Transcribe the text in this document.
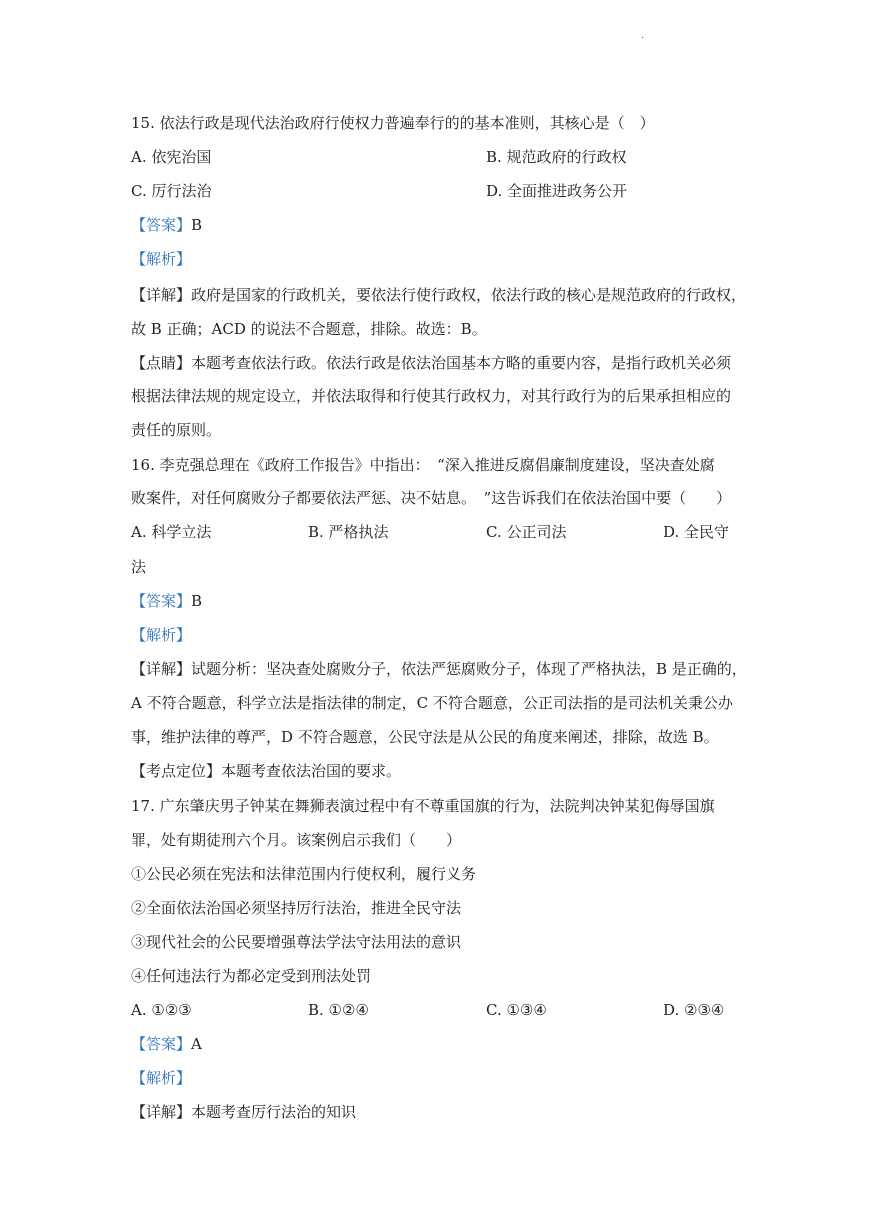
.
15. 依法行政是现代法治政府行使权力普遍奉行的的基本准则，其核心是（　）
A. 依宪治国	B. 规范政府的行政权
C. 厉行法治	D. 全面推进政务公开
【答案】B
【解析】
【详解】政府是国家的行政机关，要依法行使行政权，依法行政的核心是规范政府的行政权，
故 B 正确；ACD 的说法不合题意，排除。故选：B。
【点睛】本题考查依法行政。依法行政是依法治国基本方略的重要内容，是指行政机关必须
根据法律法规的规定设立，并依法取得和行使其行政权力，对其行政行为的后果承担相应的
责任的原则。
16. 李克强总理在《政府工作报告》中指出：　“深入推进反腐倡廉制度建设，坚决查处腐
败案件，对任何腐败分子都要依法严惩、决不姑息。　”这告诉我们在依法治国中要（　　）
A. 科学立法	B. 严格执法	C. 公正司法	D. 全民守
法
【答案】B
【解析】
【详解】试题分析：坚决查处腐败分子，依法严惩腐败分子，体现了严格执法，B 是正确的，
A 不符合题意，科学立法是指法律的制定，C 不符合题意，公正司法指的是司法机关秉公办
事，维护法律的尊严，D 不符合题意，公民守法是从公民的角度来阐述，排除，故选 B。
【考点定位】本题考查依法治国的要求。
17. 广东肇庆男子钟某在舞狮表演过程中有不尊重国旗的行为，法院判决钟某犯侮辱国旗
罪，处有期徒刑六个月。该案例启示我们（　　）
①公民必须在宪法和法律范围内行使权利，履行义务
②全面依法治国必须坚持厉行法治，推进全民守法
③现代社会的公民要增强尊法学法守法用法的意识
④任何违法行为都必定受到刑法处罚
A. ①②③	B. ①②④	C. ①③④	D. ②③④
【答案】A
【解析】
【详解】本题考查厉行法治的知识
